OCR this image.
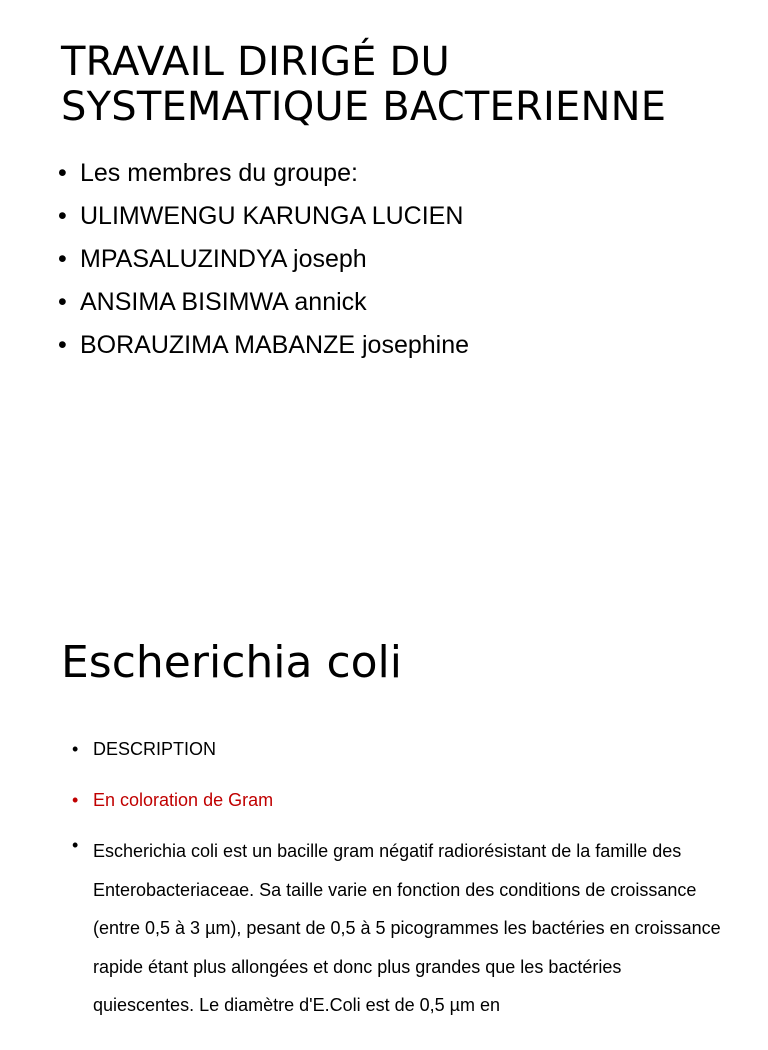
TRAVAIL DIRIGÉ DU
SYSTEMATIQUE BACTERIENNE
• Les membres du groupe:
• ULIMWENGU KARUNGA LUCIEN
• MPASALUZINDYA joseph
• ANSIMA BISIMWA annick
• BORAUZIMA MABANZE josephine
Escherichia coli
• DESCRIPTION
• En coloration de Gram
• Escherichia coli est un bacille gram négatif radiorésistant de la famille des Enterobacteriaceae. Sa taille varie en fonction des conditions de croissance (entre 0,5 à 3 µm), pesant de 0,5 à 5 picogrammes les bactéries en croissance rapide étant plus allongées et donc plus grandes que les bactéries quiescentes. Le diamètre d'E.Coli est de 0,5 µm en
